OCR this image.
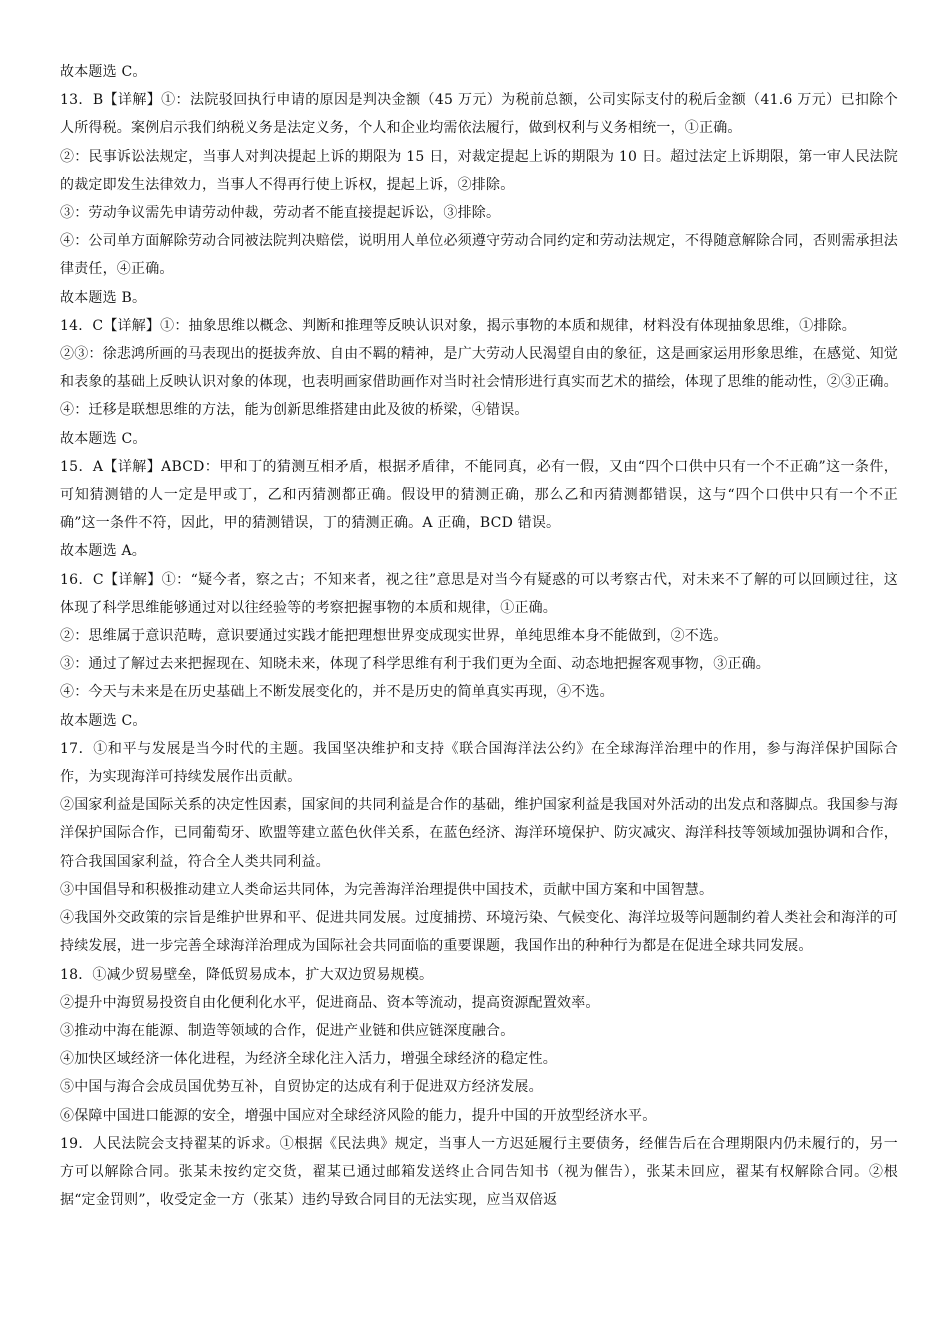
故本题选 C。

13．B【详解】①：法院驳回执行申请的原因是判决金额（45 万元）为税前总额，公司实际支付的税后金额（41.6 万元）已扣除个人所得税。案例启示我们纳税义务是法定义务，个人和企业均需依法履行，做到权利与义务相统一，①正确。

②：民事诉讼法规定，当事人对判决提起上诉的期限为 15 日，对裁定提起上诉的期限为 10 日。超过法定上诉期限，第一审人民法院的裁定即发生法律效力，当事人不得再行使上诉权，提起上诉，②排除。

③：劳动争议需先申请劳动仲裁，劳动者不能直接提起诉讼，③排除。

④：公司单方面解除劳动合同被法院判决赔偿，说明用人单位必须遵守劳动合同约定和劳动法规定，不得随意解除合同，否则需承担法律责任，④正确。

故本题选 B。

14．C【详解】①：抽象思维以概念、判断和推理等反映认识对象，揭示事物的本质和规律，材料没有体现抽象思维，①排除。

②③：徐悲鸿所画的马表现出的挺拔奔放、自由不羁的精神，是广大劳动人民渴望自由的象征，这是画家运用形象思维，在感觉、知觉和表象的基础上反映认识对象的体现，也表明画家借助画作对当时社会情形进行真实而艺术的描绘，体现了思维的能动性，②③正确。

④：迁移是联想思维的方法，能为创新思维搭建由此及彼的桥梁，④错误。

故本题选 C。

15．A【详解】ABCD：甲和丁的猜测互相矛盾，根据矛盾律，不能同真，必有一假，又由“四个口供中只有一个不正确”这一条件，可知猜测错的人一定是甲或丁，乙和丙猜测都正确。假设甲的猜测正确，那么乙和丙猜测都错误，这与“四个口供中只有一个不正确”这一条件不符，因此，甲的猜测错误，丁的猜测正确。A 正确，BCD 错误。

故本题选 A。

16．C【详解】①：“疑今者，察之古；不知来者，视之往”意思是对当今有疑惑的可以考察古代，对未来不了解的可以回顾过往，这体现了科学思维能够通过对以往经验等的考察把握事物的本质和规律，①正确。

②：思维属于意识范畴，意识要通过实践才能把理想世界变成现实世界，单纯思维本身不能做到，②不选。

③：通过了解过去来把握现在、知晓未来，体现了科学思维有利于我们更为全面、动态地把握客观事物，③正确。

④：今天与未来是在历史基础上不断发展变化的，并不是历史的简单真实再现，④不选。

故本题选 C。

17．①和平与发展是当今时代的主题。我国坚决维护和支持《联合国海洋法公约》在全球海洋治理中的作用，参与海洋保护国际合作，为实现海洋可持续发展作出贡献。

②国家利益是国际关系的决定性因素，国家间的共同利益是合作的基础，维护国家利益是我国对外活动的出发点和落脚点。我国参与海洋保护国际合作，已同葡萄牙、欧盟等建立蓝色伙伴关系，在蓝色经济、海洋环境保护、防灾减灾、海洋科技等领域加强协调和合作，符合我国国家利益，符合全人类共同利益。

③中国倡导和积极推动建立人类命运共同体，为完善海洋治理提供中国技术，贡献中国方案和中国智慧。

④我国外交政策的宗旨是维护世界和平、促进共同发展。过度捕捞、环境污染、气候变化、海洋垃圾等问题制约着人类社会和海洋的可持续发展，进一步完善全球海洋治理成为国际社会共同面临的重要课题，我国作出的种种行为都是在促进全球共同发展。

18．①减少贸易壁垒，降低贸易成本，扩大双边贸易规模。

②提升中海贸易投资自由化便利化水平，促进商品、资本等流动，提高资源配置效率。

③推动中海在能源、制造等领域的合作，促进产业链和供应链深度融合。

④加快区域经济一体化进程，为经济全球化注入活力，增强全球经济的稳定性。

⑤中国与海合会成员国优势互补，自贸协定的达成有利于促进双方经济发展。

⑥保障中国进口能源的安全，增强中国应对全球经济风险的能力，提升中国的开放型经济水平。

19．人民法院会支持翟某的诉求。①根据《民法典》规定，当事人一方迟延履行主要债务，经催告后在合理期限内仍未履行的，另一方可以解除合同。张某未按约定交货，翟某已通过邮箱发送终止合同告知书（视为催告），张某未回应，翟某有权解除合同。②根据“定金罚则”，收受定金一方（张某）违约导致合同目的无法实现，应当双倍返
